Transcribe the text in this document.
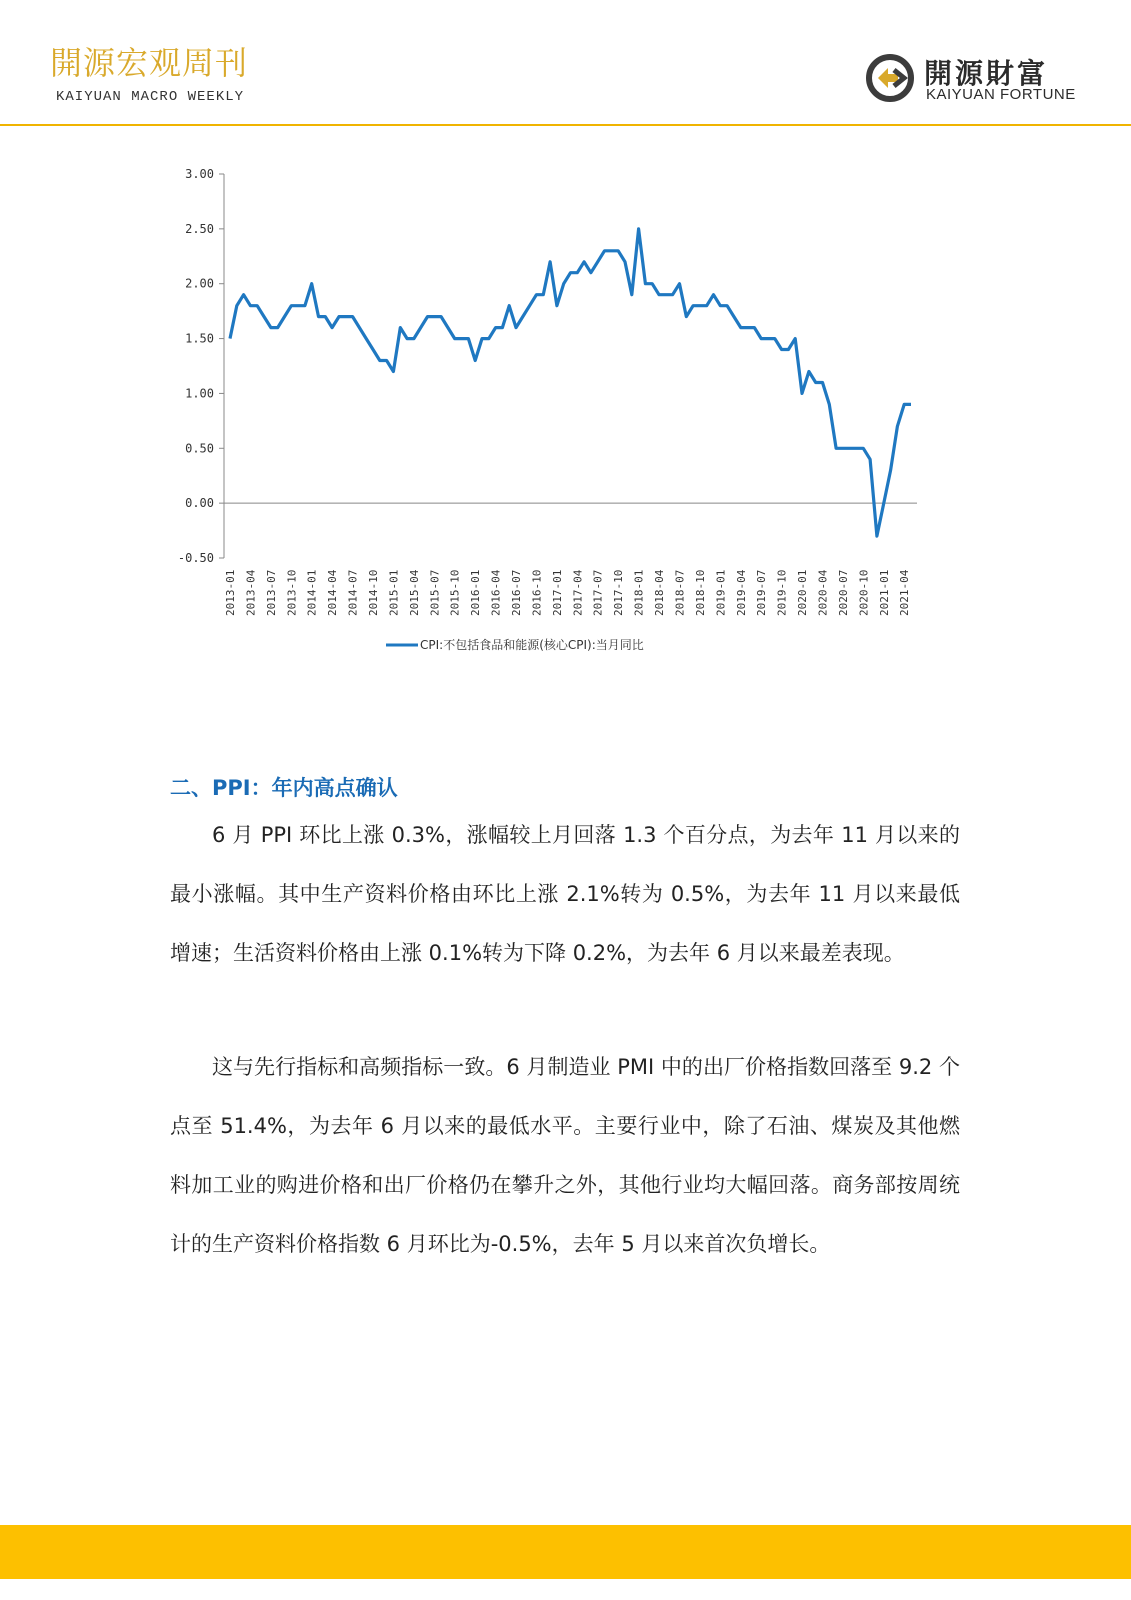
開源宏观周刊
KAIYUAN MACRO WEEKLY
開源財富
KAIYUAN FORTUNE
3.00
2.50
2.00
1.50
1.00
0.50
0.00
-0.50
2013-01 2013-04 2013-07 2013-10 2014-01 2014-04 2014-07 2014-10 2015-01 2015-04 2015-07 2015-10 2016-01 2016-04 2016-07 2016-10 2017-01 2017-04 2017-07 2017-10 2018-01 2018-04 2018-07 2018-10 2019-01 2019-04 2019-07 2019-10 2020-01 2020-04 2020-07 2020-10 2021-01 2021-04
CPI:不包括食品和能源(核心CPI):当月同比
二、PPI：年内高点确认

6 月 PPI 环比上涨 0.3%，涨幅较上月回落 1.3 个百分点，为去年 11 月以来的最小涨幅。其中生产资料价格由环比上涨 2.1%转为 0.5%，为去年 11 月以来最低增速；生活资料价格由上涨 0.1%转为下降 0.2%，为去年 6 月以来最差表现。

这与先行指标和高频指标一致。6 月制造业 PMI 中的出厂价格指数回落至 9.2 个点至 51.4%，为去年 6 月以来的最低水平。主要行业中，除了石油、煤炭及其他燃料加工业的购进价格和出厂价格仍在攀升之外，其他行业均大幅回落。商务部按周统计的生产资料价格指数 6 月环比为-0.5%，去年 5 月以来首次负增长。
